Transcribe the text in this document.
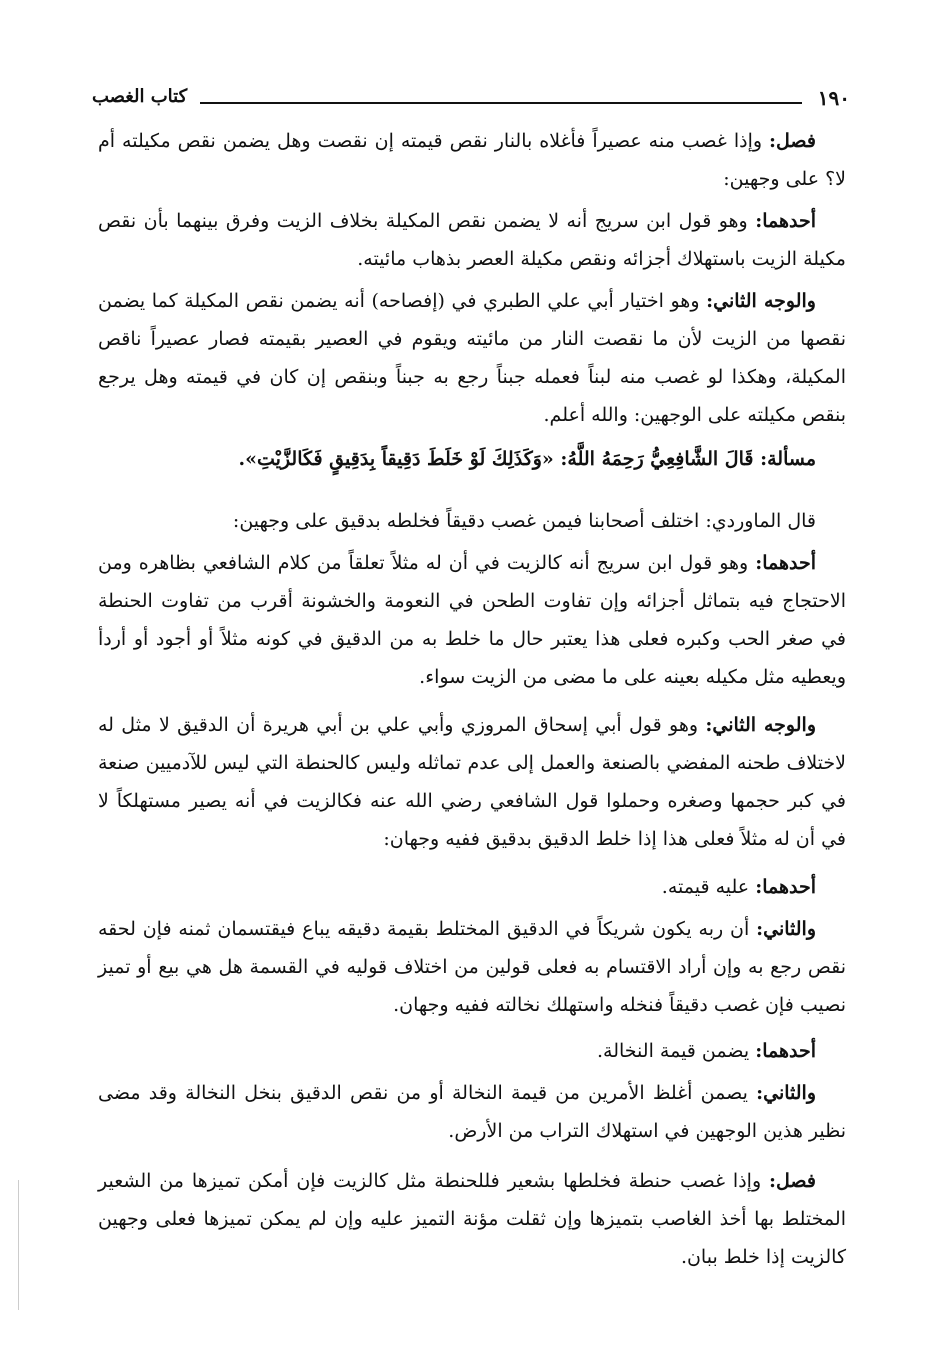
١٩٠
كتاب الغصب

فصل: وإذا غصب منه عصيراً فأغلاه بالنار نقص قيمته إن نقصت وهل يضمن نقص مكيلته أم لا؟ على وجهين:

أحدهما: وهو قول ابن سريج أنه لا يضمن نقص المكيلة بخلاف الزيت وفرق بينهما بأن نقص مكيلة الزيت باستهلاك أجزائه ونقص مكيلة العصر بذهاب مائيته.

والوجه الثاني: وهو اختيار أبي علي الطبري في (إفصاحه) أنه يضمن نقص المكيلة كما يضمن نقصها من الزيت لأن ما نقصت النار من مائيته ويقوم في العصير بقيمته فصار عصيراً ناقص المكيلة، وهكذا لو غصب منه لبناً فعمله جبناً رجع به جبناً وبنقص إن كان في قيمته وهل يرجع بنقص مكيلته على الوجهين: والله أعلم.

مسألة: قَالَ الشَّافِعِيُّ رَحِمَهُ اللَّهُ: «وَكَذَلِكَ لَوْ خَلَطَ دَقِيقاً بِدَقِيقٍ فَكَالزَّيْتِ».

قال الماوردي: اختلف أصحابنا فيمن غصب دقيقاً فخلطه بدقيق على وجهين:

أحدهما: وهو قول ابن سريج أنه كالزيت في أن له مثلاً تعلقاً من كلام الشافعي بظاهره ومن الاحتجاج فيه بتماثل أجزائه وإن تفاوت الطحن في النعومة والخشونة أقرب من تفاوت الحنطة في صغر الحب وكبره فعلى هذا يعتبر حال ما خلط به من الدقيق في كونه مثلاً أو أجود أو أردأ ويعطيه مثل مكيله بعينه على ما مضى من الزيت سواء.

والوجه الثاني: وهو قول أبي إسحاق المروزي وأبي علي بن أبي هريرة أن الدقيق لا مثل له لاختلاف طحنه المفضي بالصنعة والعمل إلى عدم تماثله وليس كالحنطة التي ليس للآدميين صنعة في كبر حجمها وصغره وحملوا قول الشافعي رضي الله عنه فكالزيت في أنه يصير مستهلكاً لا في أن له مثلاً فعلى هذا إذا خلط الدقيق بدقيق ففيه وجهان:

أحدهما: عليه قيمته.

والثاني: أن ربه يكون شريكاً في الدقيق المختلط بقيمة دقيقه يباع فيقتسمان ثمنه فإن لحقه نقص رجع به وإن أراد الاقتسام به فعلى قولين من اختلاف قوليه في القسمة هل هي بيع أو تميز نصيب فإن غصب دقيقاً فنخله واستهلك نخالته ففيه وجهان.

أحدهما: يضمن قيمة النخالة.

والثاني: يصمن أغلظ الأمرين من قيمة النخالة أو من نقص الدقيق بنخل النخالة وقد مضى نظير هذين الوجهين في استهلاك التراب من الأرض.

فصل: وإذا غصب حنطة فخلطها بشعير فللحنطة مثل كالزيت فإن أمكن تميزها من الشعير المختلط بها أخذ الغاصب بتميزها وإن ثقلت مؤنة التميز عليه وإن لم يمكن تميزها فعلى وجهين كالزيت إذا خلط ببان.
